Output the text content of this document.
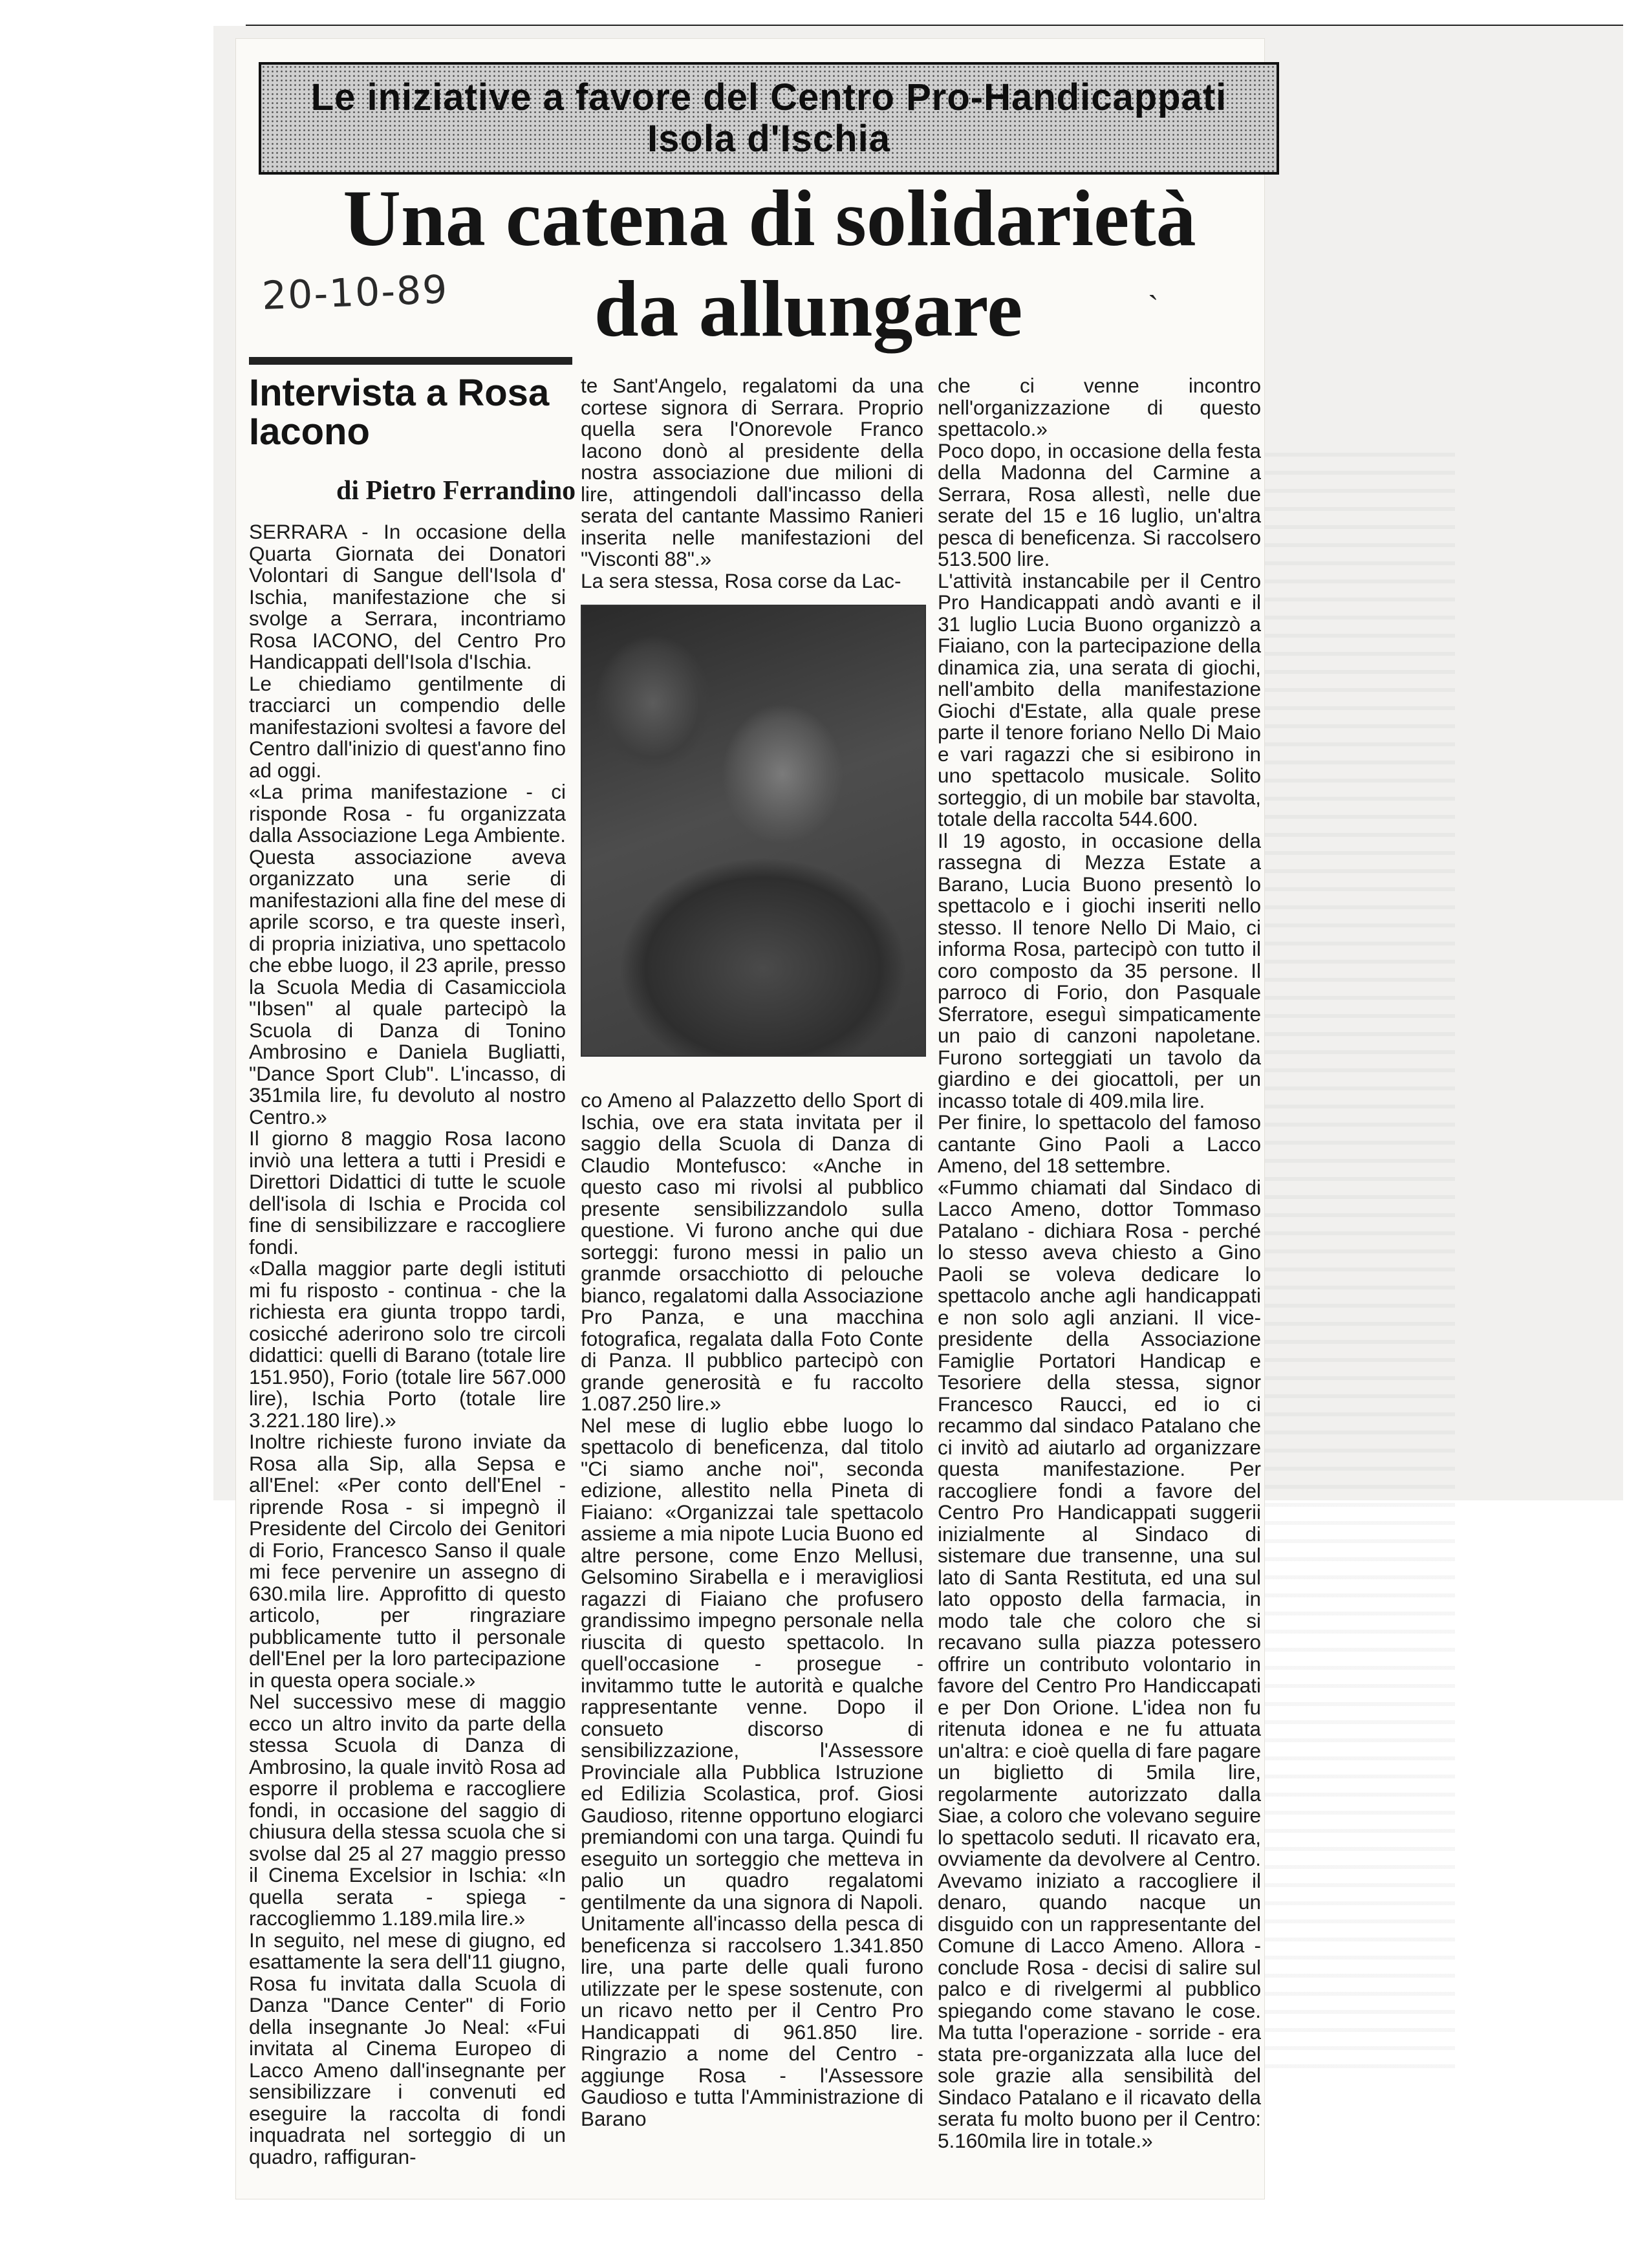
Le iniziative a favore del Centro Pro-Handicappati
Isola d'Ischia
Una catena di solidarietà

da allungare
20-10-89	`
Intervista a Rosa Iacono

di Pietro Ferrandino

SERRARA - In occasione della Quarta Giornata dei Donatori Volontari di Sangue dell'Isola d' Ischia, manifestazione che si svolge a Serrara, incontriamo Rosa IACONO, del Centro Pro Handicappati dell'Isola d'Ischia.

Le chiediamo gentilmente di tracciarci un compendio delle manifestazioni svoltesi a favore del Centro dall'inizio di quest'anno fino ad oggi.

«La prima manifestazione - ci risponde Rosa - fu organizzata dalla Associazione Lega Ambiente. Questa associazione aveva organizzato una serie di manifestazioni alla fine del mese di aprile scorso, e tra queste inserì, di propria iniziativa, uno spettacolo che ebbe luogo, il 23 aprile, presso la Scuola Media di Casamicciola "Ibsen" al quale partecipò la Scuola di Danza di Tonino Ambrosino e Daniela Bugliatti, "Dance Sport Club". L'incasso, di 351mila lire, fu devoluto al nostro Centro.»

Il giorno 8 maggio Rosa Iacono inviò una lettera a tutti i Presidi e Direttori Didattici di tutte le scuole dell'isola di Ischia e Procida col fine di sensibilizzare e raccogliere fondi.

«Dalla maggior parte degli istituti mi fu risposto - continua - che la richiesta era giunta troppo tardi, cosicché aderirono solo tre circoli didattici: quelli di Barano (totale lire 151.950), Forio (totale lire 567.000 lire), Ischia Porto (totale lire 3.221.180 lire).»

Inoltre richieste furono inviate da Rosa alla Sip, alla Sepsa e all'Enel: «Per conto dell'Enel - riprende Rosa - si impegnò il Presidente del Circolo dei Genitori di Forio, Francesco Sanso il quale mi fece pervenire un assegno di 630.mila lire. Approfitto di questo articolo, per ringraziare pubblicamente tutto il personale dell'Enel per la loro partecipazione in questa opera sociale.»

Nel successivo mese di maggio ecco un altro invito da parte della stessa Scuola di Danza di Ambrosino, la quale invitò Rosa ad esporre il problema e raccogliere fondi, in occasione del saggio di chiusura della stessa scuola che si svolse dal 25 al 27 maggio presso il Cinema Excelsior in Ischia: «In quella serata - spiega - raccogliemmo 1.189.mila lire.»

In seguito, nel mese di giugno, ed esattamente la sera dell'11 giugno, Rosa fu invitata dalla Scuola di Danza "Dance Center" di Forio della insegnante Jo Neal: «Fui invitata al Cinema Europeo di Lacco Ameno dall'insegnante per sensibilizzare i convenuti ed eseguire la raccolta di fondi inquadrata nel sorteggio di un quadro, raffiguran-

te Sant'Angelo, regalatomi da una cortese signora di Serrara. Proprio quella sera l'Onorevole Franco Iacono donò al presidente della nostra associazione due milioni di lire, attingendoli dall'incasso della serata del cantante Massimo Ranieri inserita nelle manifestazioni del "Visconti 88".»

La sera stessa, Rosa corse da Lac-

co Ameno al Palazzetto dello Sport di Ischia, ove era stata invitata per il saggio della Scuola di Danza di Claudio Montefusco: «Anche in questo caso mi rivolsi al pubblico presente sensibilizzandolo sulla questione. Vi furono anche qui due sorteggi: furono messi in palio un granmde orsacchiotto di pelouche bianco, regalatomi dalla Associazione Pro Panza, e una macchina fotografica, regalata dalla Foto Conte di Panza. Il pubblico partecipò con grande generosità e fu raccolto 1.087.250 lire.»

Nel mese di luglio ebbe luogo lo spettacolo di beneficenza, dal titolo "Ci siamo anche noi", seconda edizione, allestito nella Pineta di Fiaiano: «Organizzai tale spettacolo assieme a mia nipote Lucia Buono ed altre persone, come Enzo Mellusi, Gelsomino Sirabella e i meravigliosi ragazzi di Fiaiano che profusero grandissimo impegno personale nella riuscita di questo spettacolo. In quell'occasione - prosegue - invitammo tutte le autorità e qualche rappresentante venne. Dopo il consueto discorso di sensibilizzazione, l'Assessore Provinciale alla Pubblica Istruzione ed Edilizia Scolastica, prof. Giosi Gaudioso, ritenne opportuno elogiarci premiandomi con una targa. Quindi fu eseguito un sorteggio che metteva in palio un quadro regalatomi gentilmente da una signora di Napoli. Unitamente all'incasso della pesca di beneficenza si raccolsero 1.341.850 lire, una parte delle quali furono utilizzate per le spese sostenute, con un ricavo netto per il Centro Pro Handicappati di 961.850 lire. Ringrazio a nome del Centro - aggiunge Rosa - l'Assessore Gaudioso e tutta l'Amministrazione di Barano

che ci venne incontro nell'organizzazione di questo spettacolo.»

Poco dopo, in occasione della festa della Madonna del Carmine a Serrara, Rosa allestì, nelle due serate del 15 e 16 luglio, un'altra pesca di beneficenza. Si raccolsero 513.500 lire.

L'attività instancabile per il Centro Pro Handicappati andò avanti e il 31 luglio Lucia Buono organizzò a Fiaiano, con la partecipazione della dinamica zia, una serata di giochi, nell'ambito della manifestazione Giochi d'Estate, alla quale prese parte il tenore foriano Nello Di Maio e vari ragazzi che si esibirono in uno spettacolo musicale. Solito sorteggio, di un mobile bar stavolta, totale della raccolta 544.600.

Il 19 agosto, in occasione della rassegna di Mezza Estate a Barano, Lucia Buono presentò lo spettacolo e i giochi inseriti nello stesso. Il tenore Nello Di Maio, ci informa Rosa, partecipò con tutto il coro composto da 35 persone. Il parroco di Forio, don Pasquale Sferratore, eseguì simpaticamente un paio di canzoni napoletane. Furono sorteggiati un tavolo da giardino e dei giocattoli, per un incasso totale di 409.mila lire.

Per finire, lo spettacolo del famoso cantante Gino Paoli a Lacco Ameno, del 18 settembre.

«Fummo chiamati dal Sindaco di Lacco Ameno, dottor Tommaso Patalano - dichiara Rosa - perché lo stesso aveva chiesto a Gino Paoli se voleva dedicare lo spettacolo anche agli handicappati e non solo agli anziani. Il vice-presidente della Associazione Famiglie Portatori Handicap e Tesoriere della stessa, signor Francesco Raucci, ed io ci recammo dal sindaco Patalano che ci invitò ad aiutarlo ad organizzare questa manifestazione. Per raccogliere fondi a favore del Centro Pro Handicappati suggerii inizialmente al Sindaco di sistemare due transenne, una sul lato di Santa Restituta, ed una sul lato opposto della farmacia, in modo tale che coloro che si recavano sulla piazza potessero offrire un contributo volontario in favore del Centro Pro Handiccapati e per Don Orione. L'idea non fu ritenuta idonea e ne fu attuata un'altra: e cioè quella di fare pagare un biglietto di 5mila lire, regolarmente autorizzato dalla Siae, a coloro che volevano seguire lo spettacolo seduti. Il ricavato era, ovviamente da devolvere al Centro. Avevamo iniziato a raccogliere il denaro, quando nacque un disguido con un rappresentante del Comune di Lacco Ameno. Allora - conclude Rosa - decisi di salire sul palco e di rivelgermi al pubblico spiegando come stavano le cose. Ma tutta l'operazione - sorride - era stata pre-organizzata alla luce del sole grazie alla sensibilità del Sindaco Patalano e il ricavato della serata fu molto buono per il Centro: 5.160mila lire in totale.»
